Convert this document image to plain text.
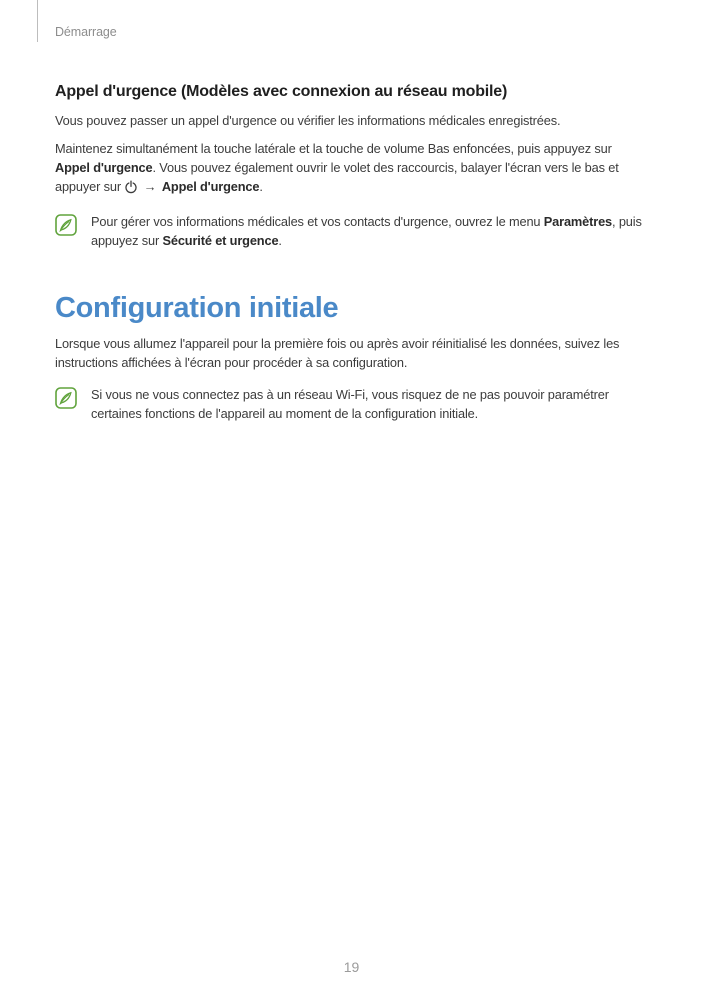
Démarrage
Appel d'urgence (Modèles avec connexion au réseau mobile)

Vous pouvez passer un appel d'urgence ou vérifier les informations médicales enregistrées.

Maintenez simultanément la touche latérale et la touche de volume Bas enfoncées, puis appuyez sur Appel d'urgence. Vous pouvez également ouvrir le volet des raccourcis, balayer l'écran vers le bas et appuyer sur  → Appel d'urgence.

Pour gérer vos informations médicales et vos contacts d'urgence, ouvrez le menu Paramètres, puis appuyez sur Sécurité et urgence.

Configuration initiale

Lorsque vous allumez l'appareil pour la première fois ou après avoir réinitialisé les données, suivez les instructions affichées à l'écran pour procéder à sa configuration.

Si vous ne vous connectez pas à un réseau Wi-Fi, vous risquez de ne pas pouvoir paramétrer certaines fonctions de l'appareil au moment de la configuration initiale.

19
